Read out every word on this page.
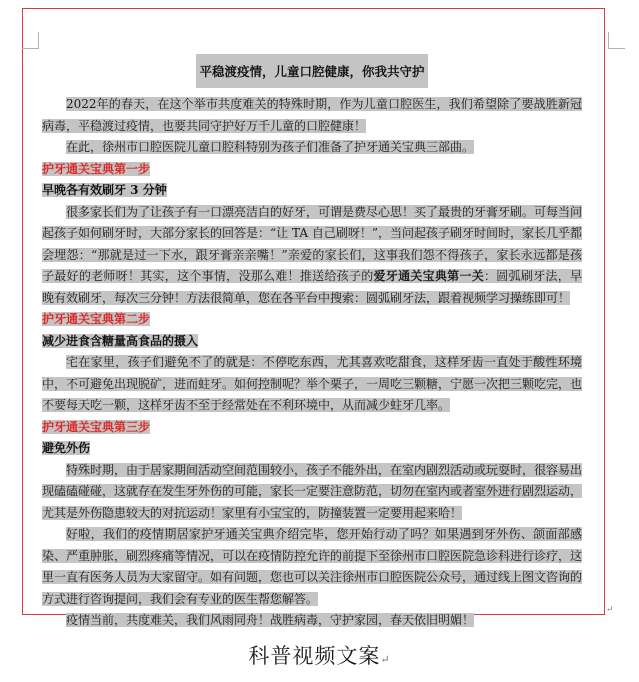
平稳渡疫情，儿童口腔健康，你我共守护
2022年的春天，在这个举市共度难关的特殊时期，作为儿童口腔医生，我们希望除了要战胜新冠病毒，平稳渡过疫情，也要共同守护好万千儿童的口腔健康！
在此，徐州市口腔医院儿童口腔科特别为孩子们准备了护牙通关宝典三部曲。
护牙通关宝典第一步
早晚各有效刷牙 3 分钟
很多家长们为了让孩子有一口漂亮洁白的好牙，可谓是费尽心思！买了最贵的牙膏牙刷。可每当问起孩子如何刷牙时，大部分家长的回答是：“让 TA 自己刷呀！”，当问起孩子刷牙时间时，家长几乎都会埋怨：“那就是过一下水，跟牙膏亲亲嘴！”亲爱的家长们，这事我们怨不得孩子，家长永远都是孩子最好的老师呀！其实，这个事情，没那么难！推送给孩子的爱牙通关宝典第一关：圆弧刷牙法，早晚有效刷牙，每次三分钟！方法很简单，您在各平台中搜索：圆弧刷牙法，跟着视频学习操练即可！
护牙通关宝典第二步
减少进食含糖量高食品的摄入
宅在家里，孩子们避免不了的就是：不停吃东西，尤其喜欢吃甜食，这样牙齿一直处于酸性环境中，不可避免出现脱矿，进而蛀牙。如何控制呢？举个栗子，一周吃三颗糖，宁愿一次把三颗吃完，也不要每天吃一颗，这样牙齿不至于经常处在不利环境中，从而减少蛀牙几率。
护牙通关宝典第三步
避免外伤
特殊时期，由于居家期间活动空间范围较小，孩子不能外出，在室内剧烈活动或玩耍时，很容易出现磕磕碰碰，这就存在发生牙外伤的可能，家长一定要注意防范，切勿在室内或者室外进行剧烈运动，尤其是外伤隐患较大的对抗运动！家里有小宝宝的，防撞装置一定要用起来哈！
好啦，我们的疫情期居家护牙通关宝典介绍完毕，您开始行动了吗？如果遇到牙外伤、颌面部感染、严重肿胀，刷烈疼痛等情况，可以在疫情防控允许的前提下至徐州市口腔医院急诊科进行诊疗，这里一直有医务人员为大家留守。如有问题，您也可以关注徐州市口腔医院公众号，通过线上图文咨询的方式进行咨询提问，我们会有专业的医生帮您解答。
疫情当前，共度难关，我们风雨同舟！战胜病毒，守护家园，春天依旧明媚！
↵
科普视频文案↵
